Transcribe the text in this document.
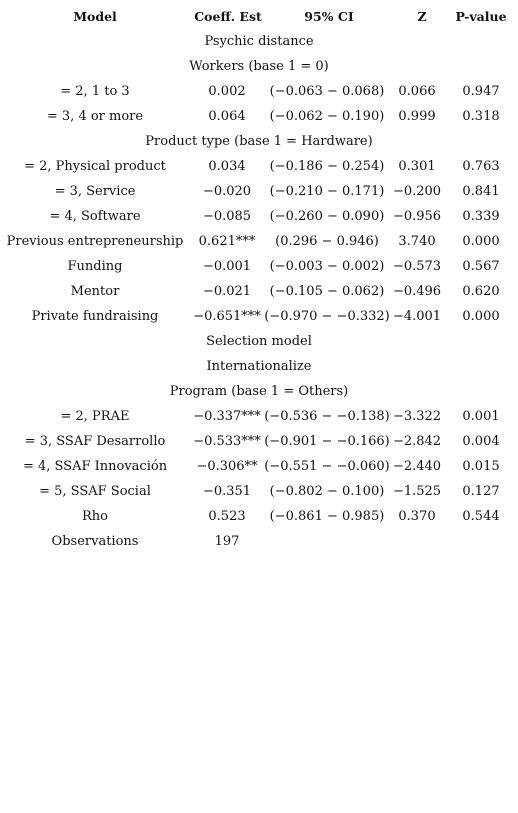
Model	Coeff. Est	95% CI	Z	P-value
Psychic distance
Workers (base 1 = 0)
= 2, 1 to 3	0.002	(−0.063 − 0.068)	0.066	0.947
= 3, 4 or more	0.064	(−0.062 − 0.190)	0.999	0.318
Product type (base 1 = Hardware)
= 2, Physical product	0.034	(−0.186 − 0.254)	0.301	0.763
= 3, Service	−0.020	(−0.210 − 0.171) −0.200	0.841
= 4, Software	−0.085	(−0.260 − 0.090) −0.956	0.339
Previous entrepreneurship	0.621***	(0.296 − 0.946)	3.740	0.000
Funding	−0.001	(−0.003 − 0.002) −0.573	0.567
Mentor	−0.021	(−0.105 − 0.062) −0.496	0.620
Private fundraising	−0.651*** (−0.970 − −0.332) −4.001	0.000
Selection model
Internationalize
Program (base 1 = Others)
= 2, PRAE	−0.337*** (−0.536 − −0.138) −3.322	0.001
= 3, SSAF Desarrollo	−0.533*** (−0.901 − −0.166) −2.842	0.004
= 4, SSAF Innovación	−0.306** (−0.551 − −0.060) −2.440	0.015
= 5, SSAF Social	−0.351	(−0.802 − 0.100) −1.525	0.127
Rho	0.523	(−0.861 − 0.985)	0.370	0.544
Observations	197
